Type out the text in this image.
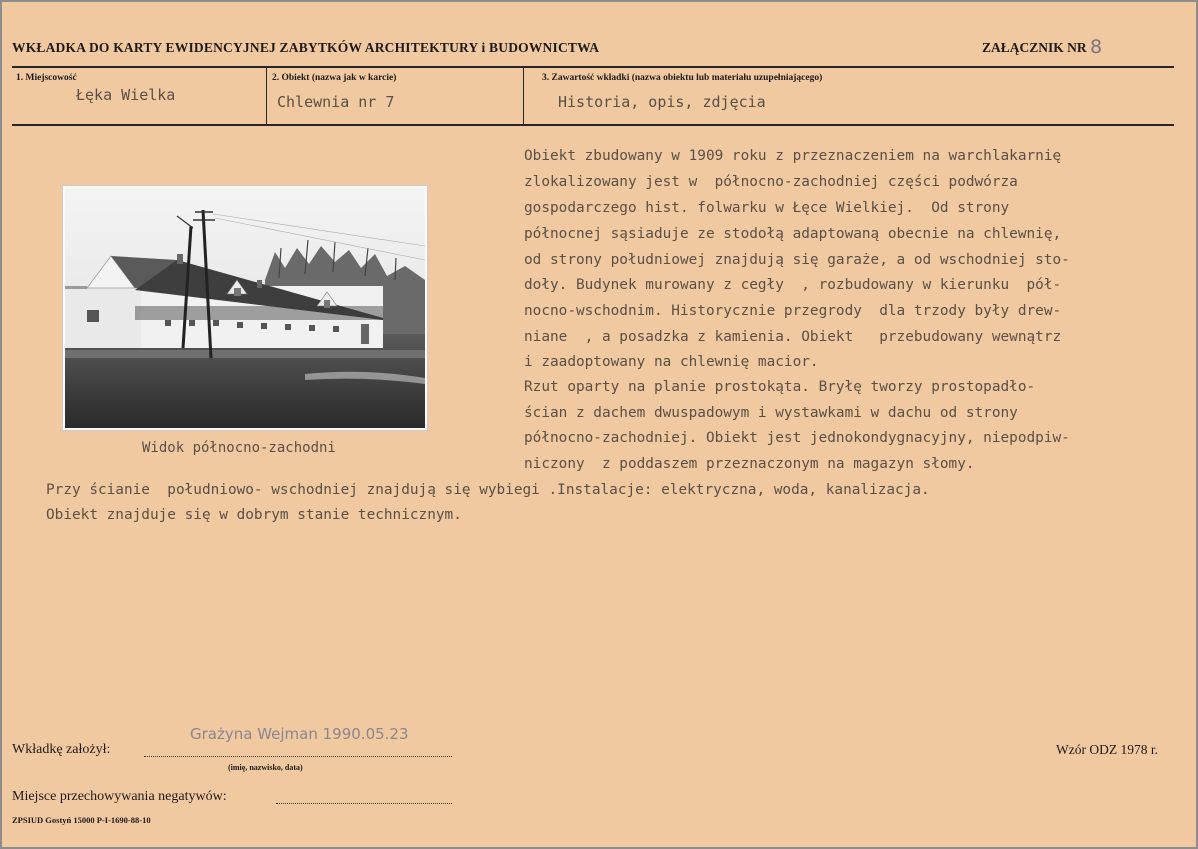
WKŁADKA DO KARTY EWIDENCYJNEJ ZABYTKÓW ARCHITEKTURY i BUDOWNICTWA	ZAŁĄCZNIK NR 8
1. Miejscowość
Łęka Wielka
2. Obiekt (nazwa jak w karcie)
Chlewnia nr 7
3. Zawartość wkładki (nazwa obiektu lub materiału uzupełniającego)
Historia, opis, zdjęcia
Widok północno-zachodni
Obiekt zbudowany w 1909 roku z przeznaczeniem na warchlakarnię
zlokalizowany jest w  północno-zachodniej części podwórza
gospodarczego hist. folwarku w Łęce Wielkiej.  Od strony
północnej sąsiaduje ze stodołą adaptowaną obecnie na chlewnię,
od strony południowej znajdują się garaże, a od wschodniej sto-
doły. Budynek murowany z cegły  , rozbudowany w kierunku  pół-
nocno-wschodnim. Historycznie przegrody  dla trzody były drew-
niane  , a posadzka z kamienia. Obiekt   przebudowany wewnątrz
i zaadoptowany na chlewnię macior.
Rzut oparty na planie prostokąta. Bryłę tworzy prostopadło-
ścian z dachem dwuspadowym i wystawkami w dachu od strony
północno-zachodniej. Obiekt jest jednokondygnacyjny, niepodpiw-
niczony  z poddaszem przeznaczonym na magazyn słomy.
Przy ścianie  południowo- wschodniej znajdują się wybiegi .Instalacje: elektryczna, woda, kanalizacja.
Obiekt znajduje się w dobrym stanie technicznym.
Wkładkę założył:
Grażyna Wejman 1990.05.23
(imię, nazwisko, data)
Miejsce przechowywania negatywów:
Wzór ODZ 1978 r.
ZPSIUD Gostyń 15000 P-I-1690-88-10
